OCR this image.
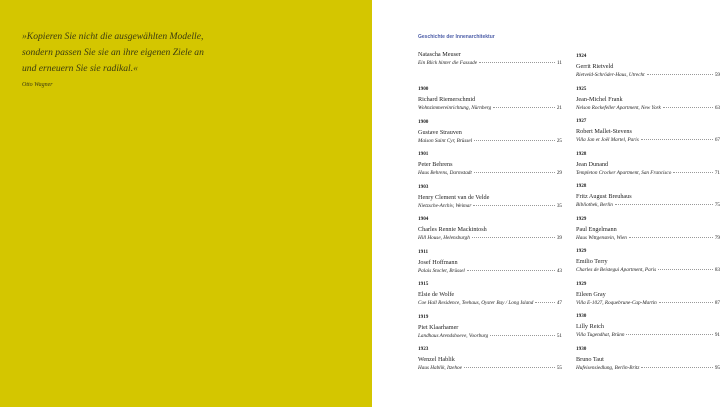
»Kopieren Sie nicht die ausgewählten Modelle,
sondern passen Sie sie an ihre eigenen Ziele an
und erneuern Sie sie radikal.«
Otto Wagner
Geschichte der Innenarchitektur
Natascha Meuser
Ein Blick hinter die Fassade	11
1900
Richard Riemerschmid
Wohnzimmereinrichtung, Nürnberg	21
1900
Gustave Strauven
Maison Saint Cyr, Brüssel	25
1901
Peter Behrens
Haus Behrens, Darmstadt	29
1903
Henry Clement van de Velde
Nietzsche-Archiv, Weimar	35
1904
Charles Rennie Mackintosh
Hill House, Helensburgh	39
1911
Josef Hoffmann
Palais Stoclet, Brüssel	43
1915
Elsie de Wolfe
Coe Hall Residence, Teehaus, Oyster Bay / Long Island	47
1919
Piet Klaarhamer
Landhaus Arendshoeve, Voorburg	51
1923
Wenzel Hablik
Haus Hablik, Itzehoe	55
1924
Gerrit Rietveld
Rietveld-Schröder-Haus, Utrecht	59
1925
Jean-Michel Frank
Nelson Rockefeller Apartment, New York	63
1927
Robert Mallet-Stevens
Villa Jan et Joël Martel, Paris	67
1928
Jean Dunand
Templeton Crocker Apartment, San Francisco	71
1928
Fritz August Breuhaus
Bibliothek, Berlin	75
1929
Paul Engelmann
Haus Wittgenstein, Wien	79
1929
Emilio Terry
Charles de Beistegui Apartment, Paris	83
1929
Eileen Gray
Villa E-1027, Roquebrune-Cap-Martin	87
1930
Lilly Reich
Villa Tugendhat, Brünn	91
1930
Bruno Taut
Hufeisensiedlung, Berlin-Britz	95
